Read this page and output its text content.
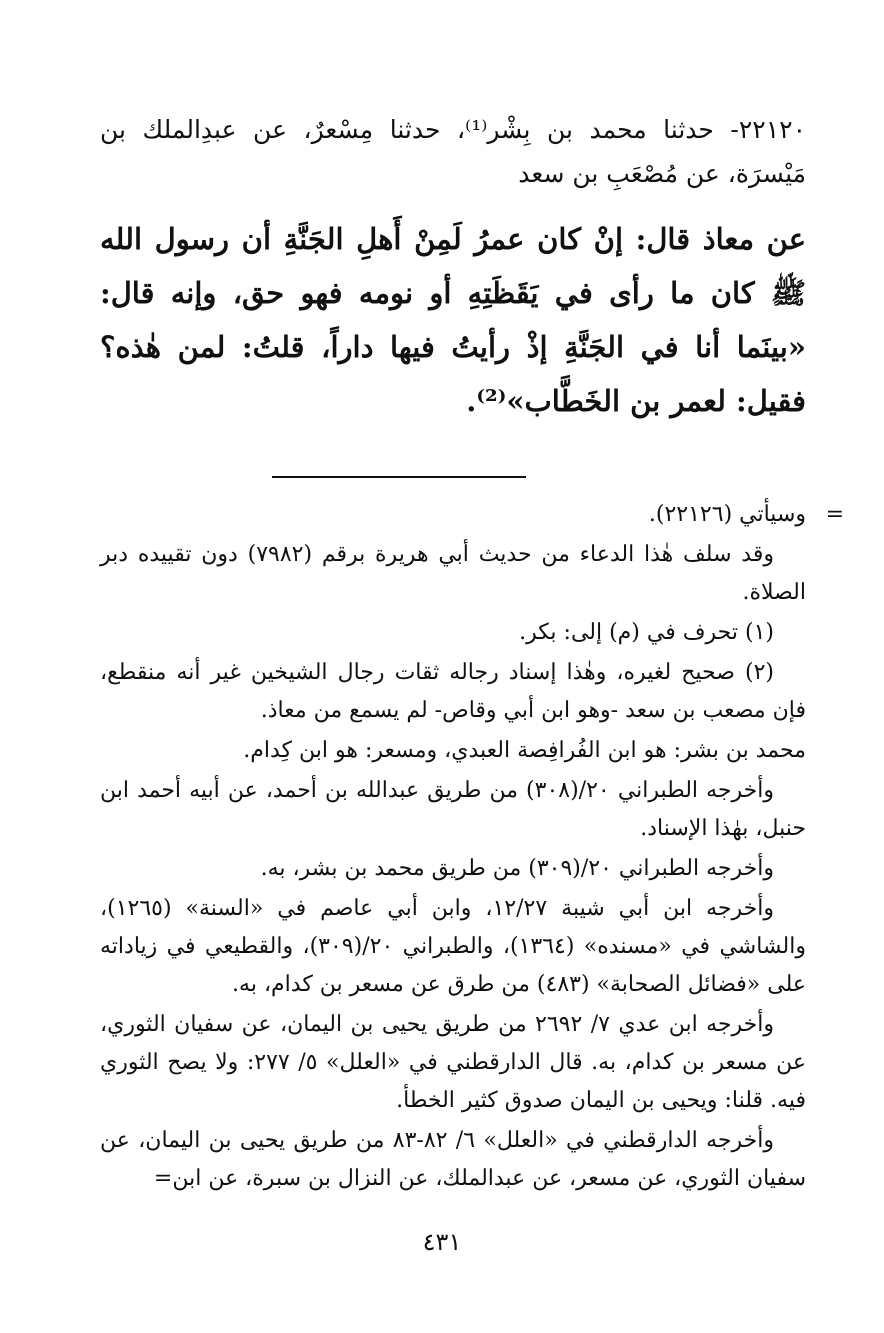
٢٢١٢٠- حدثنا محمد بن بِشْر⁽¹⁾، حدثنا مِسْعرٌ، عن عبدِالملك بن مَيْسرَة، عن مُصْعَبِ بن سعد

عن معاذ قال: إنْ كان عمرُ لَمِنْ أَهلِ الجَنَّةِ أن رسول الله ﷺ كان ما رأى في يَقَظَتِهِ أو نومه فهو حق، وإنه قال: «بينَما أنا في الجَنَّةِ إذْ رأيتُ فيها داراً، قلتُ: لمن هٰذه؟ فقيل: لعمر بن الخَطَّاب»⁽²⁾.

=
وسيأتي (٢٢١٢٦).

وقد سلف هٰذا الدعاء من حديث أبي هريرة برقم (٧٩٨٢) دون تقييده دبر الصلاة.

(١) تحرف في (م) إلى: بكر.

(٢) صحيح لغيره، وهٰذا إسناد رجاله ثقات رجال الشيخين غير أنه منقطع، فإن مصعب بن سعد -وهو ابن أبي وقاص- لم يسمع من معاذ.

محمد بن بشر: هو ابن الفُرافِصة العبدي، ومسعر: هو ابن كِدام.

وأخرجه الطبراني ٢٠/(٣٠٨) من طريق عبدالله بن أحمد، عن أبيه أحمد ابن حنبل، بهٰذا الإسناد.

وأخرجه الطبراني ٢٠/(٣٠٩) من طريق محمد بن بشر، به.

وأخرجه ابن أبي شيبة ١٢/٢٧، وابن أبي عاصم في «السنة» (١٢٦٥)، والشاشي في «مسنده» (١٣٦٤)، والطبراني ٢٠/(٣٠٩)، والقطيعي في زياداته على «فضائل الصحابة» (٤٨٣) من طرق عن مسعر بن كدام، به.

وأخرجه ابن عدي ٧/ ٢٦٩٢ من طريق يحيى بن اليمان، عن سفيان الثوري، عن مسعر بن كدام، به. قال الدارقطني في «العلل» ٥/ ٢٧٧: ولا يصح الثوري فيه. قلنا: ويحيى بن اليمان صدوق كثير الخطأ.

وأخرجه الدارقطني في «العلل» ٦/ ٨٢-٨٣ من طريق يحيى بن اليمان، عن سفيان الثوري، عن مسعر، عن عبدالملك، عن النزال بن سبرة، عن ابن=

٤٣١
